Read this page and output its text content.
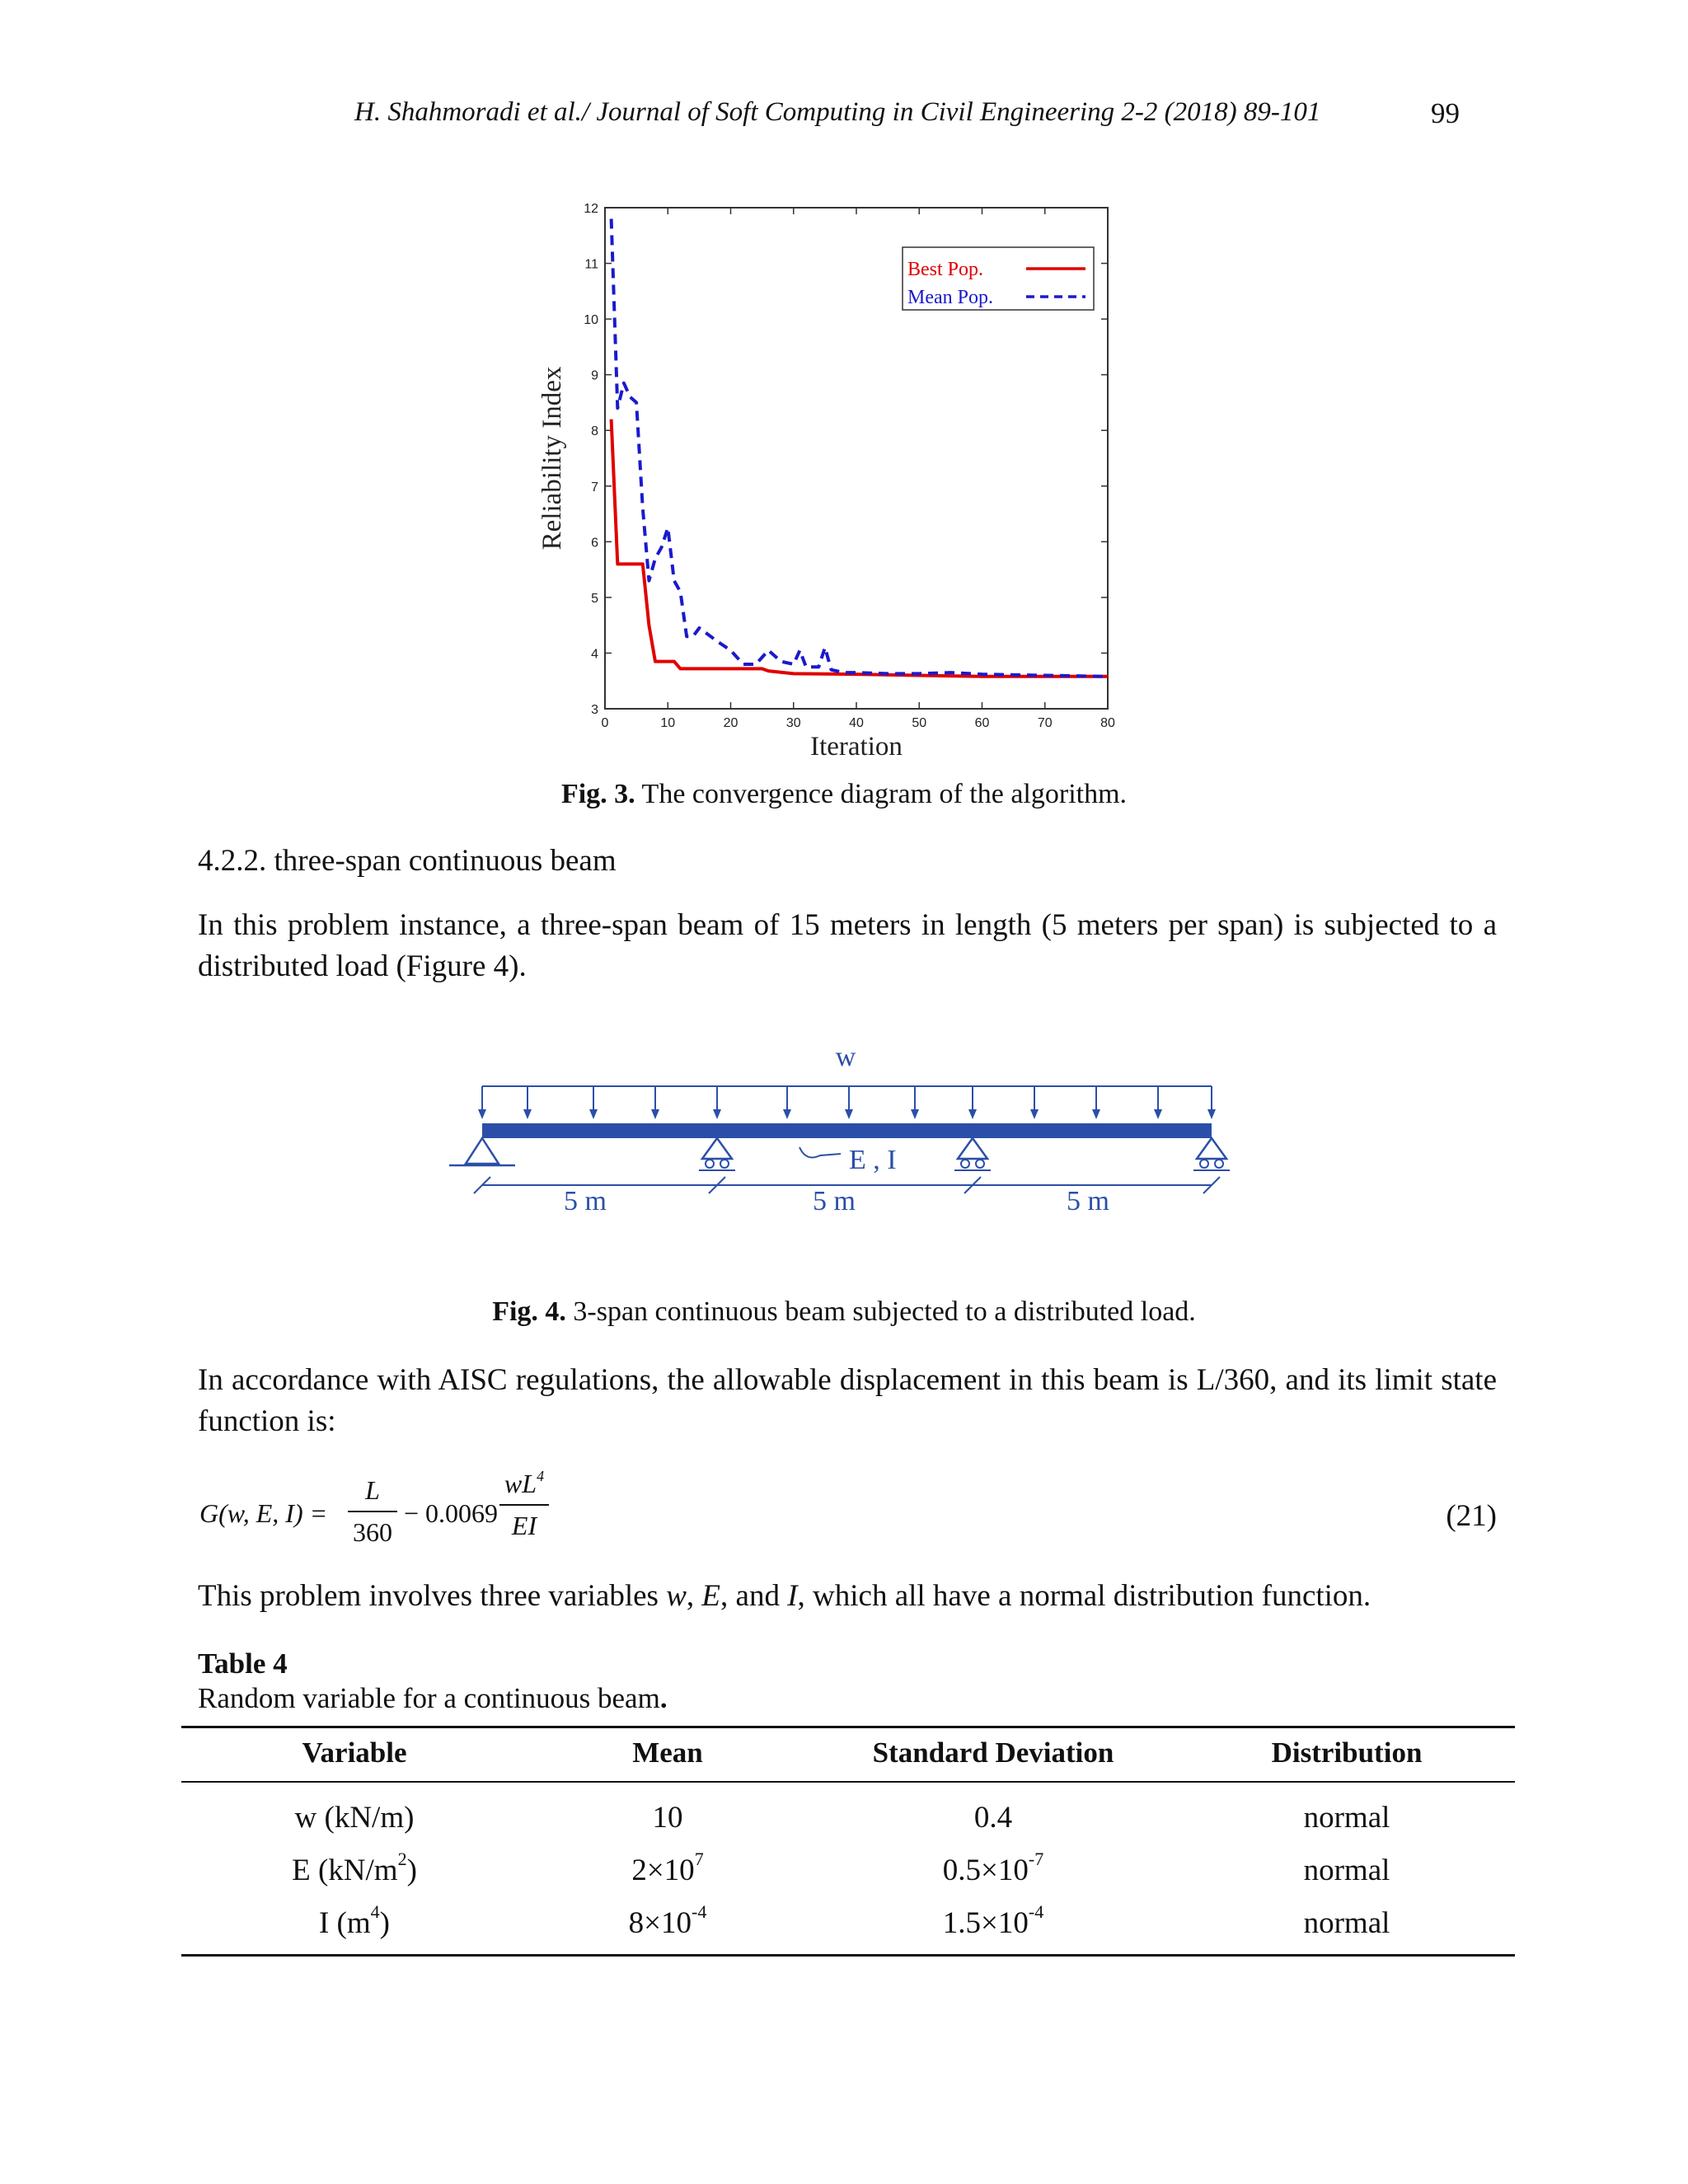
H. Shahmoradi et al./ Journal of Soft Computing in Civil Engineering 2-2 (2018) 89-101	99
0	10	20	30	40	50	60	70	80
3
4
5
6
7
8
9
10
11
12
Iteration
Reliability Index
Best Pop.
Mean Pop.
Fig. 3. The convergence diagram of the algorithm.
4.2.2. three-span continuous beam
In this problem instance, a three-span beam of 15 meters in length (5 meters per span) is subjected to a distributed load (Figure 4).
w
E , I
5 m	5 m	5 m
Fig. 4. 3-span continuous beam subjected to a distributed load.
In accordance with AISC regulations, the allowable displacement in this beam is L/360, and its limit state function is:
G(w, E, I) =
L
360
− 0.0069
$wL^4$
EI	(21)
This problem involves three variables w, E, and I, which all have a normal distribution function.
Table 4
Random variable for a continuous beam.
Variable	Mean	Standard Deviation	Distribution
w (kN/m)	10	0.4	normal
E $(kN/m^2)$	$2\times 10^7$	$0.5\times 10^{-7}$	normal
I $(m^4)$	$8\times 10^{-4}$	$1.5\times 10^{-4}$	normal
